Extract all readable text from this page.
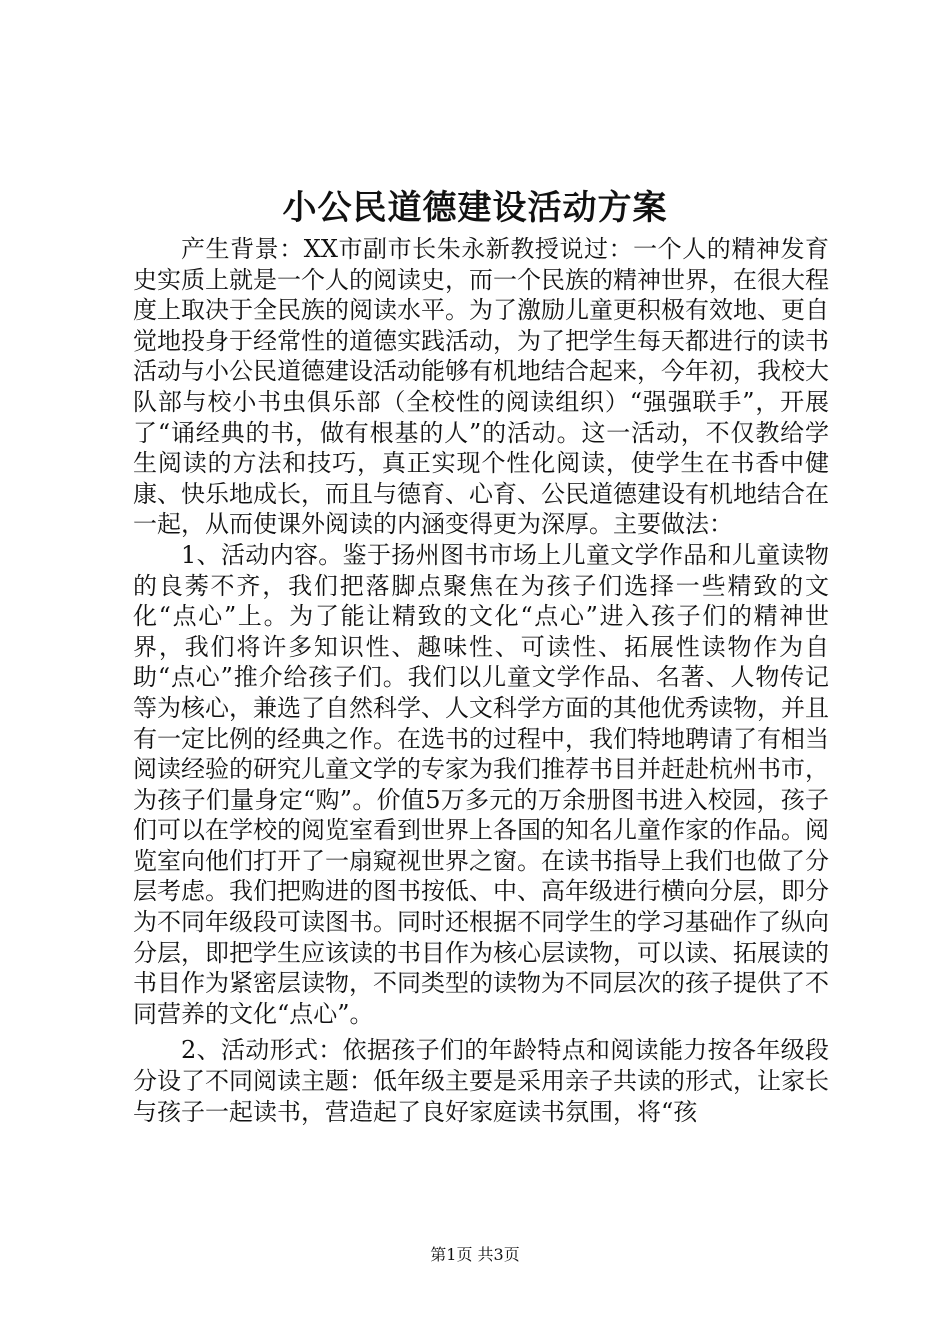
小公民道德建设活动方案

产生背景：XX市副市长朱永新教授说过：一个人的精神发育史实质上就是一个人的阅读史，而一个民族的精神世界，在很大程度上取决于全民族的阅读水平。为了激励儿童更积极有效地、更自觉地投身于经常性的道德实践活动，为了把学生每天都进行的读书活动与小公民道德建设活动能够有机地结合起来，今年初，我校大队部与校小书虫俱乐部（全校性的阅读组织）“强强联手”，开展了“诵经典的书，做有根基的人”的活动。这一活动，不仅教给学生阅读的方法和技巧，真正实现个性化阅读，使学生在书香中健康、快乐地成长，而且与德育、心育、公民道德建设有机地结合在一起，从而使课外阅读的内涵变得更为深厚。主要做法：

1、活动内容。鉴于扬州图书市场上儿童文学作品和儿童读物的良莠不齐，我们把落脚点聚焦在为孩子们选择一些精致的文化“点心”上。为了能让精致的文化“点心”进入孩子们的精神世界，我们将许多知识性、趣味性、可读性、拓展性读物作为自助“点心”推介给孩子们。我们以儿童文学作品、名著、人物传记等为核心，兼选了自然科学、人文科学方面的其他优秀读物，并且有一定比例的经典之作。在选书的过程中，我们特地聘请了有相当阅读经验的研究儿童文学的专家为我们推荐书目并赶赴杭州书市，为孩子们量身定“购”。价值5万多元的万余册图书进入校园，孩子们可以在学校的阅览室看到世界上各国的知名儿童作家的作品。阅览室向他们打开了一扇窥视世界之窗。在读书指导上我们也做了分层考虑。我们把购进的图书按低、中、高年级进行横向分层，即分为不同年级段可读图书。同时还根据不同学生的学习基础作了纵向分层，即把学生应该读的书目作为核心层读物，可以读、拓展读的书目作为紧密层读物，不同类型的读物为不同层次的孩子提供了不同营养的文化“点心”。

2、活动形式：依据孩子们的年龄特点和阅读能力按各年级段分设了不同阅读主题：低年级主要是采用亲子共读的形式，让家长与孩子一起读书，营造起了良好家庭读书氛围，将“孩

第1页 共3页
